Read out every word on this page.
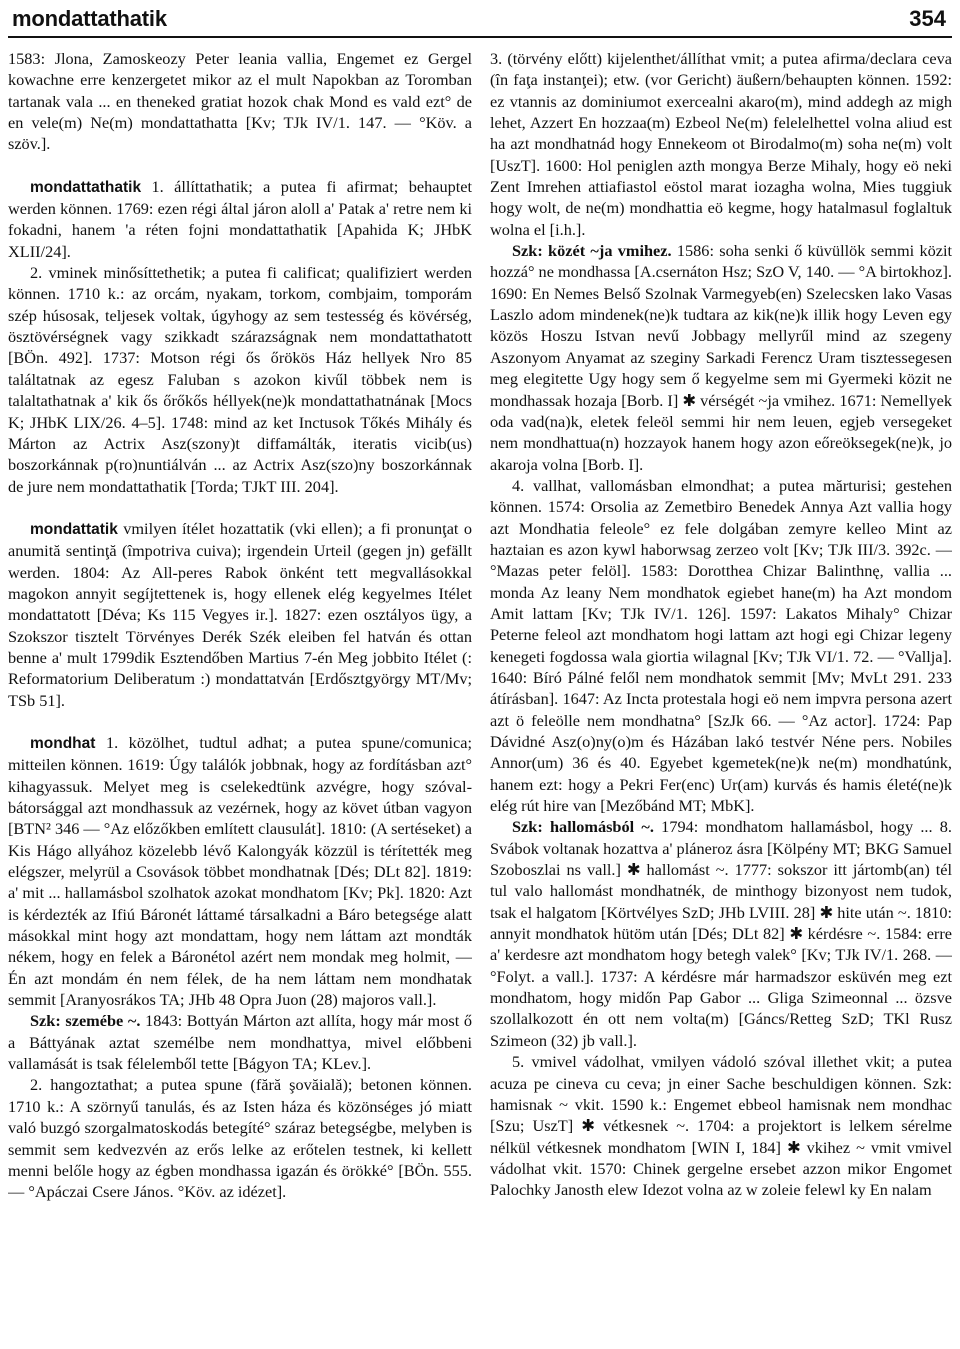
mondattathatik	354

1583: Jlona, Zamoskeozy Peter leania vallia, Engemet ez Gergel kowachne erre kenzergetet mikor az el mult Napokban az Toromban tartanak vala ... en theneked gratiat hozok chak Mond es vald ezt° de en vele(m) Ne(m) mondattathatta [Kv; TJk IV/1. 147. — °Köv. a szöv.].

mondattathatik 1. állíttathatik; a putea fi afirmat; behauptet werden können. 1769: ezen régi által járon aloll a' Patak a' retre nem ki fokadni, hanem 'a réten fojni mondattathatik [Apahida K; JHbK XLII/24].

2. vminek minősíttethetik; a putea fi calificat; qualifiziert werden können. 1710 k.: az orcám, nyakam, torkom, combjaim, tomporám szép húsosak, teljesek voltak, úgyhogy az sem testesség és kövérség, ösztövérségnek vagy szikkadt szárazságnak nem mondattathatott [BÖn. 492]. 1737: Motson régi ős őrökös Ház hellyek Nro 85 találtatnak az egesz Faluban s azokon kivűl többek nem is talaltathatnak a' kik ős őrőkős héllyek(ne)k mondattathatnának [Mocs K; JHbK LIX/26. 4–5]. 1748: mind az ket Inctusok Tőkés Mihály és Márton az Actrix Asz(szony)t diffamálták, iteratis vicib(us) boszorkánnak p(ro)nuntiálván ... az Actrix Asz(szo)ny boszorkánnak de jure nem mondattathatik [Torda; TJkT III. 204].

mondattatik vmilyen ítélet hozattatik (vki ellen); a fi pronunţat o anumită sentinţă (împotriva cuiva); irgendein Urteil (gegen jn) gefällt werden. 1804: Az All-peres Rabok önként tett megvallásokkal magokon annyit segíjtettenek is, hogy ellenek elég kegyelmes Itélet mondattatott [Déva; Ks 115 Vegyes ir.]. 1827: ezen osztályos ügy, a Szokszor tisztelt Törvényes Derék Szék eleiben fel hatván és ottan benne a' mult 1799dik Esztendőben Martius 7-én Meg jobbito Itélet (: Reformatorium Deliberatum :) mondattatván [Erdősztgyörgy MT/Mv; TSb 51].

mondhat 1. közölhet, tudtul adhat; a putea spune/comunica; mitteilen können. 1619: Úgy találók jobbnak, hogy az fordításban azt° kihagyassuk. Melyet meg is cselekedtünk azvégre, hogy szóval-bátorsággal azt mondhassuk az vezérnek, hogy az követ útban vagyon [BTN² 346 — °Az előzőkben említett clausulát]. 1810: (A sertéseket) a Kis Hágo allyához közelebb lévő Kalongyák közzül is térítették meg elégszer, melyrül a Csovások többet mondhatnak [Dés; DLt 82]. 1819: a' mit ... hallamásbol szolhatok azokat mondhatom [Kv; Pk]. 1820: Azt is kérdezték az Ifiú Báronét láttamé társalkadni a Báro betegsége alatt másokkal mint hogy azt mondattam, hogy nem láttam azt mondták nékem, hogy en felek a Báronétol azért nem mondak meg holmit, — Én azt mondám én nem félek, de ha nem láttam nem mondhatak semmit [Aranyosrákos TA; JHb 48 Opra Juon (28) majoros vall.].

Szk: szemébe ~. 1843: Bottyán Márton azt allíta, hogy már most ő a Báttyának aztat személbe nem mondhattya, mivel előbbeni vallamását is tsak félelemből tette [Bágyon TA; KLev.].

2. hangoztathat; a putea spune (fără şovăială); betonen können. 1710 k.: A szörnyű tanulás, és az Isten háza és közönséges jó miatt való buzgó szorgalmatoskodás betegíté° száraz betegségbe, melyben is semmit sem kedvezvén az erős lelke az erőtelen testnek, ki kellett menni belőle hogy az égben mondhassa igazán és örökké° [BÖn. 555. — °Apáczai Csere János. °Köv. az idézet].

3. (törvény előtt) kijelenthet/állíthat vmit; a putea afirma/declara ceva (în faţa instanţei); etw. (vor Gericht) äußern/behaupten können. 1592: ez vtannis az dominiumot exercealni akaro(m), mind addegh az migh lehet, Azzert En hozzaa(m) Ezbeol Ne(m) felelelhettel volna aliud est ha azt mondhatnád hogy Ennekeom ot Birodalmo(m) soha ne(m) volt [UszT]. 1600: Hol peniglen azth mongya Berze Mihaly, hogy eö neki Zent Imrehen attiafiastol eöstol marat iozagha wolna, Mies tuggiuk hogy wolt, de ne(m) mondhattia eö kegme, hogy hatalmasul foglaltuk wolna el [i.h.].

Szk: közét ~ja vmihez. 1586: soha senki ő küvüllök semmi közit hozzá° ne mondhassa [A.csernáton Hsz; SzO V, 140. — °A birtokhoz]. 1690: En Nemes Belső Szolnak Varmegyeb(en) Szelecsken lako Vasas Laszlo adom mindenek(ne)k tudtara az kik(ne)k illik hogy Leven egy közös Hoszu Istvan nevű Jobbagy mellyrűl mind az szegeny Aszonyom Anyamat az szeginy Sarkadi Ferencz Uram tisztessegesen meg elegitette Ugy hogy sem ő kegyelme sem mi Gyermeki közit ne mondhassak hozaja [Borb. I] ✱ vérségét ~ja vmihez. 1671: Nemellyek oda vad(na)k, eletek feleöl semmi hir nem leuen, egjeb versegeket nem mondhattua(n) hozzayok hanem hogy azon eőreöksegek(ne)k, jo akaroja volna [Borb. I].

4. vallhat, vallomásban elmondhat; a putea mărturisi; gestehen können. 1574: Orsolia az Zemetbiro Benedek Annya Azt vallia hogy azt Mondhatia feleole° ez fele dolgában zemyre kelleo Mint az haztaian es azon kywl haborwsag zerzeo volt [Kv; TJk III/3. 392c. — °Mazas peter felöl]. 1583: Dorotthea Chizar Balinthnę, vallia ... monda Az leany Nem mondhatok egiebet hane(m) ha Azt mondom Amit lattam [Kv; TJk IV/1. 126]. 1597: Lakatos Mihaly° Chizar Peterne feleol azt mondhatom hogi lattam azt hogi egi Chizar legeny kenegeti fogdossa wala giortia wilagnal [Kv; TJk VI/1. 72. — °Vallja]. 1640: Bíró Pálné felől nem mondhatok semmit [Mv; MvLt 291. 233 átírásban]. 1647: Az Incta protestala hogi eö nem impvra persona azert azt ö feleölle nem mondhatna° [SzJk 66. — °Az actor]. 1724: Pap Dávidné Asz(o)ny(o)m és Házában lakó testvér Néne pers. Nobiles Annor(um) 36 és 40. Egyebet kgemetek(ne)k ne(m) mondhatúnk, hanem ezt: hogy a Pekri Fer(enc) Ur(am) kurvás és hamis életé(ne)k elég rút hire van [Mezőbánd MT; MbK].

Szk: hallomásból ~. 1794: mondhatom hallamásbol, hogy ... 8. Svábok voltanak hozattva a' pláneroz ásra [Kölpény MT; BKG Samuel Szoboszlai ns vall.] ✱ hallomást ~. 1777: sokszor itt jártomb(an) tél tul valo hallomást mondhatnék, de minthogy bizonyost nem tudok, tsak el halgatom [Körtvélyes SzD; JHb LVIII. 28] ✱ hite után ~. 1810: annyit mondhatok hütöm után [Dés; DLt 82] ✱ kérdésre ~. 1584: erre a' kerdesre azt mondhatom hogy betegh valek° [Kv; TJk IV/1. 268. — °Folyt. a vall.]. 1737: A kérdésre már harmadszor esküvén meg ezt mondhatom, hogy midőn Pap Gabor ... Gliga Szimeonnal ... özsve szollalkozott én ott nem volta(m) [Gáncs/Retteg SzD; TKl Rusz Szimeon (32) jb vall.].

5. vmivel vádolhat, vmilyen vádoló szóval illethet vkit; a putea acuza pe cineva cu ceva; jn einer Sache beschuldigen können. Szk: hamisnak ~ vkit. 1590 k.: Engemet ebbeol hamisnak nem mondhac [Szu; UszT] ✱ vétkesnek ~. 1704: a projektort is lelkem sérelme nélkül vétkesnek mondhatom [WIN I, 184] ✱ vkihez ~ vmit vmivel vádolhat vkit. 1570: Chinek gergelne ersebet azzon mikor Engomet Palochky Janosth elew Idezot volna az w zoleie felewl ky En nalam
